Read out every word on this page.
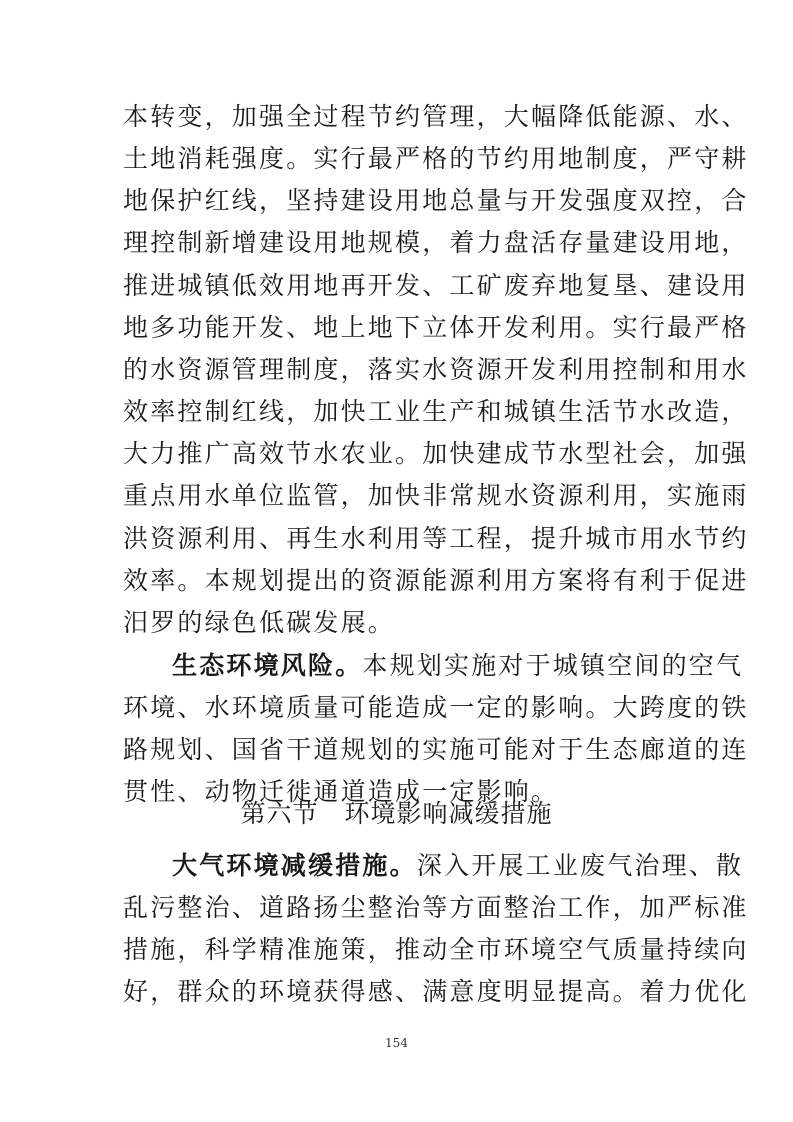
本转变，加强全过程节约管理，大幅降低能源、水、
土地消耗强度。实行最严格的节约用地制度，严守耕
地保护红线，坚持建设用地总量与开发强度双控，合
理控制新增建设用地规模，着力盘活存量建设用地，
推进城镇低效用地再开发、工矿废弃地复垦、建设用
地多功能开发、地上地下立体开发利用。实行最严格
的水资源管理制度，落实水资源开发利用控制和用水
效率控制红线，加快工业生产和城镇生活节水改造，
大力推广高效节水农业。加快建成节水型社会，加强
重点用水单位监管，加快非常规水资源利用，实施雨
洪资源利用、再生水利用等工程，提升城市用水节约
效率。本规划提出的资源能源利用方案将有利于促进
汨罗的绿色低碳发展。
生态环境风险。本规划实施对于城镇空间的空气
环境、水环境质量可能造成一定的影响。大跨度的铁
路规划、国省干道规划的实施可能对于生态廊道的连
贯性、动物迁徙通道造成一定影响。
第六节　环境影响减缓措施
大气环境减缓措施。深入开展工业废气治理、散
乱污整治、道路扬尘整治等方面整治工作，加严标准
措施，科学精准施策，推动全市环境空气质量持续向
好，群众的环境获得感、满意度明显提高。着力优化
154
